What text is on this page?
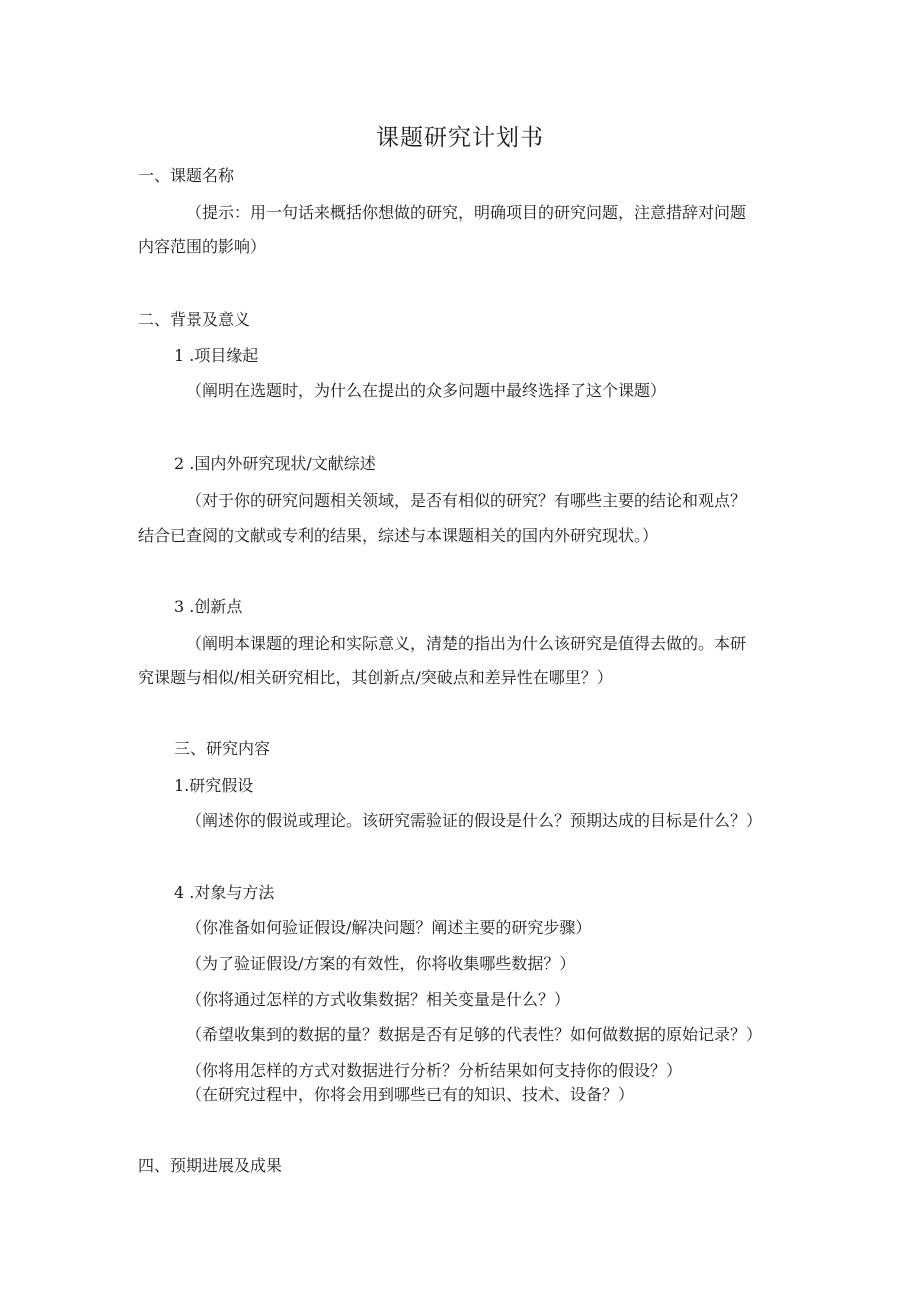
课题研究计划书
一、课题名称
（提示：用一句话来概括你想做的研究，明确项目的研究问题，注意措辞对问题
内容范围的影响）
二、背景及意义
1 .项目缘起
（阐明在选题时，为什么在提出的众多问题中最终选择了这个课题）
2 .国内外研究现状/文献综述
（对于你的研究问题相关领域，是否有相似的研究？有哪些主要的结论和观点？
结合已查阅的文献或专利的结果，综述与本课题相关的国内外研究现状。）
3 .创新点
（阐明本课题的理论和实际意义，清楚的指出为什么该研究是值得去做的。本研
究课题与相似/相关研究相比，其创新点/突破点和差异性在哪里？）
三、研究内容
1.研究假设
（阐述你的假说或理论。该研究需验证的假设是什么？预期达成的目标是什么？）
4 .对象与方法
（你准备如何验证假设/解决问题？阐述主要的研究步骤）
（为了验证假设/方案的有效性，你将收集哪些数据？）
（你将通过怎样的方式收集数据？相关变量是什么？）
（希望收集到的数据的量？数据是否有足够的代表性？如何做数据的原始记录？）
（你将用怎样的方式对数据进行分析？分析结果如何支持你的假设？）
（在研究过程中，你将会用到哪些已有的知识、技术、设备？）
四、预期进展及成果
